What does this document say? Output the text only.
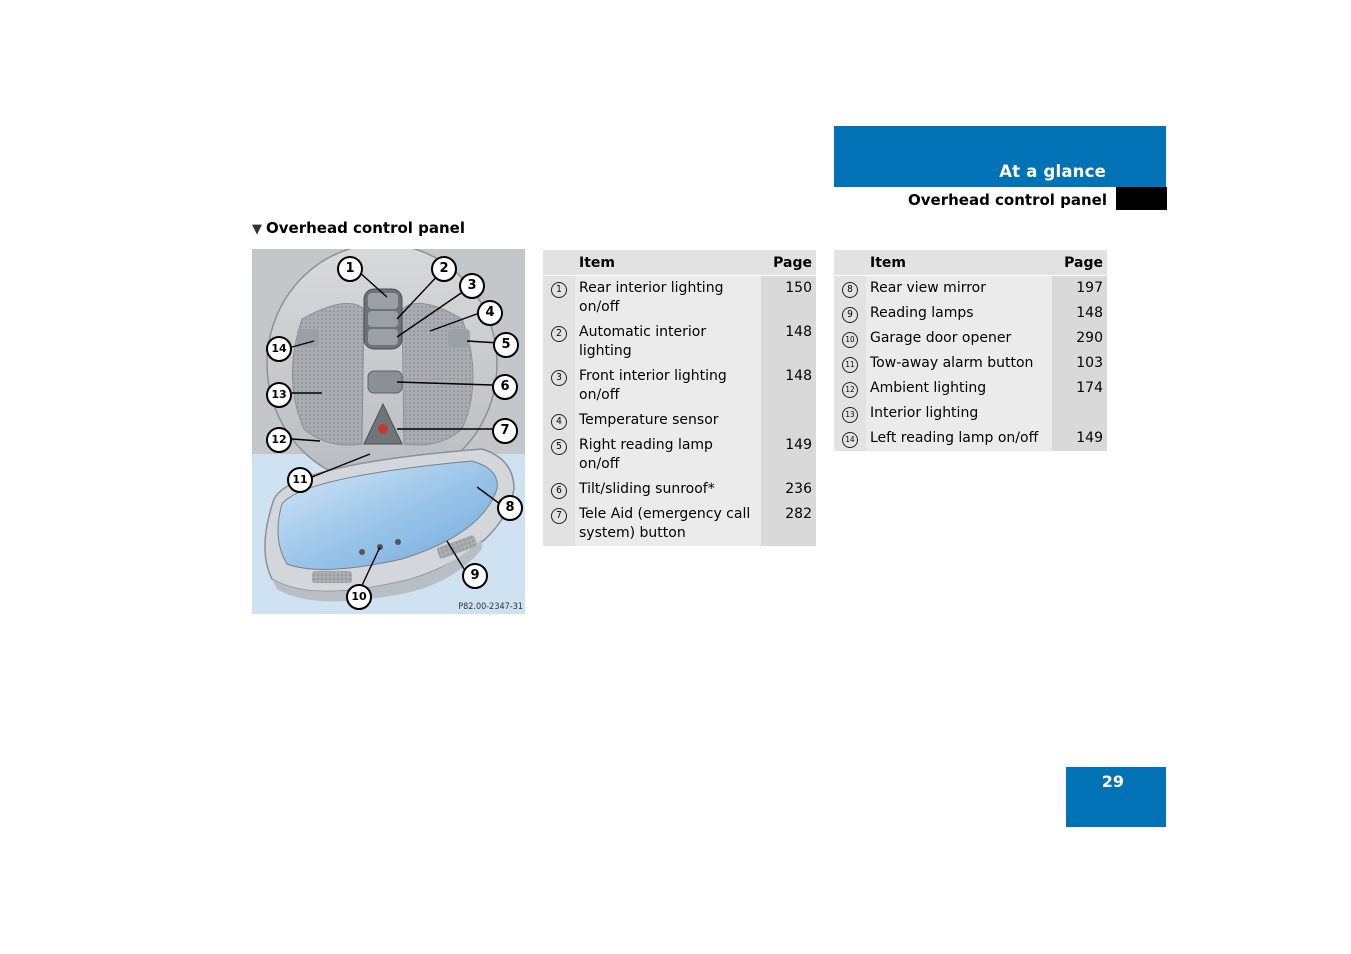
At a glance
Overhead control panel
▼ Overhead control panel
1	2
3
4
5
6
7
8
9
10
11
12
13
14
P82.00-2347-31
	Item	Page
1	Rear interior lighting on/off	150
2	Automatic interior lighting	148
3	Front interior lighting on/off	148
4	Temperature sensor	
5	Right reading lamp on/off	149
6	Tilt/sliding sunroof*	236
7	Tele Aid (emergency call system) button	282
	Item	Page
8	Rear view mirror	197
9	Reading lamps	148
10	Garage door opener	290
11	Tow-away alarm button	103
12	Ambient lighting	174
13	Interior lighting	
14	Left reading lamp on/off	149
29
